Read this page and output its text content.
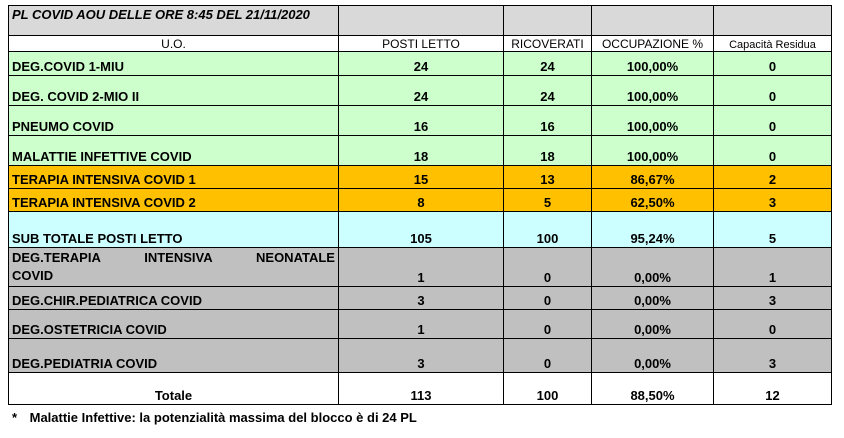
PL COVID AOU DELLE ORE 8:45 DEL 21/11/2020				
U.O.	POSTI LETTO	RICOVERATI	OCCUPAZIONE %	Capacità Residua
DEG.COVID 1-MIU	24	24	100,00%	0
DEG. COVID 2-MIO II	24	24	100,00%	0
PNEUMO COVID	16	16	100,00%	0
MALATTIE INFETTIVE COVID	18	18	100,00%	0
TERAPIA INTENSIVA COVID 1	15	13	86,67%	2
TERAPIA INTENSIVA COVID 2	8	5	62,50%	3
SUB TOTALE POSTI LETTO	105	100	95,24%	5

DEG.TERAPIA INTENSIVA NEONATALE
COVID	1	0	0,00%	1
DEG.CHIR.PEDIATRICA COVID	3	0	0,00%	3
DEG.OSTETRICIA COVID	1	0	0,00%	0
DEG.PEDIATRIA COVID	3	0	0,00%	3
Totale	113	100	88,50%	12
* Malattie Infettive: la potenzialità massima del blocco è di 24 PL
